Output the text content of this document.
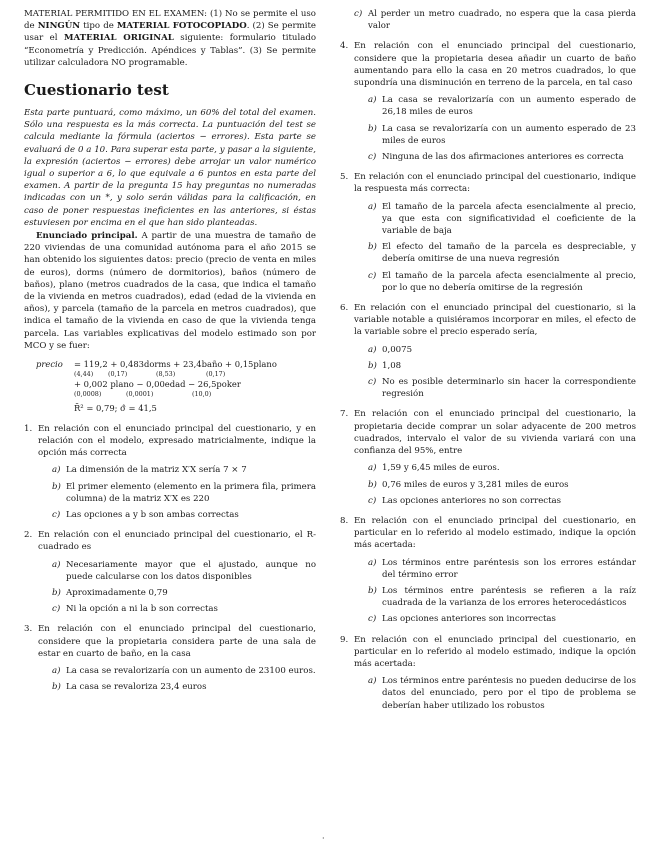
MATERIAL PERMITIDO EN EL EXAMEN: (1) No se permite el uso de NINGÚN tipo de MATERIAL FOTOCOPIADO. (2) Se permite usar el MATERIAL ORIGINAL siguiente: formulario titulado “Econometría y Predicción. Apéndices y Tablas”. (3) Se permite utilizar calculadora NO programable.

Cuestionario test

Esta parte puntuará, como máximo, un 60% del total del examen. Sólo una respuesta es la más correcta. La puntuación del test se calcula mediante la fórmula (aciertos − errores). Esta parte se evaluará de 0 a 10. Para superar esta parte, y pasar a la siguiente, la expresión (aciertos − errores) debe arrojar un valor numérico igual o superior a 6, lo que equivale a 6 puntos en esta parte del examen. A partir de la pregunta 15 hay preguntas no numeradas indicadas con un *, y solo serán válidas para la calificación, en caso de poner respuestas ineficientes en las anteriores, si éstas estuviesen por encima en el que han sido planteadas.

Enunciado principal. A partir de una muestra de tamaño de 220 viviendas de una comunidad autónoma para el año 2015 se han obtenido los siguientes datos: precio (precio de venta en miles de euros), dorms (número de dormitorios), baños (número de baños), plano (metros cuadrados de la casa, que indica el tamaño de la vivienda en metros cuadrados), edad (edad de la vivienda en años), y parcela (tamaño de la parcela en metros cuadrados), que indica el tamaño de la vivienda en caso de que la vivienda tenga parcela. Las variables explicativas del modelo estimado son por MCO y se fuer:

precio	= 119,2 + 0,483dorms + 23,4baño + 0,15plano
(4,44)	(0,17)	(8,53)	(0,17)
+ 0,002 plano − 0,00edad − 26,5poker
(0,0008)	(0,0001)	(10,0)
R̄² = 0,79; σ̂ = 41,5
1. En relación con el enunciado principal del cuestionario, y en relación con el modelo, expresado matricialmente, indique la opción más correcta

a) La dimensión de la matriz X′X sería 7 × 7
b) El primer elemento (elemento en la primera fila, primera columna) de la matriz X′X es 220
c) Las opciones a y b son ambas correctas
2. En relación con el enunciado principal del cuestionario, el R-cuadrado es

a) Necesariamente mayor que el ajustado, aunque no puede calcularse con los datos disponibles
b) Aproximadamente 0,79
c) Ni la opción a ni la b son correctas
3. En relación con el enunciado principal del cuestionario, considere que la propietaria considera parte de una sala de estar en cuarto de baño, en la casa

a) La casa se revalorizaría con un aumento de 23100 euros.
b) La casa se revaloriza 23,4 euros
c) Al perder un metro cuadrado, no espera que la casa pierda valor
4. En relación con el enunciado principal del cuestionario, considere que la propietaria desea añadir un cuarto de baño aumentando para ello la casa en 20 metros cuadrados, lo que supondría una disminución en terreno de la parcela, en tal caso

a) La casa se revalorizaría con un aumento esperado de 26,18 miles de euros
b) La casa se revalorizaría con un aumento esperado de 23 miles de euros
c) Ninguna de las dos afirmaciones anteriores es correcta
5. En relación con el enunciado principal del cuestionario, indique la respuesta más correcta:

a) El tamaño de la parcela afecta esencialmente al precio, ya que esta con significatividad el coeficiente de la variable de baja
b) El efecto del tamaño de la parcela es despreciable, y debería omitirse de una nueva regresión
c) El tamaño de la parcela afecta esencialmente al precio, por lo que no debería omitirse de la regresión
6. En relación con el enunciado principal del cuestionario, si la variable notable a quisiéramos incorporar en miles, el efecto de la variable sobre el precio esperado sería,

a) 0,0075
b) 1,08
c) No es posible determinarlo sin hacer la correspondiente regresión
7. En relación con el enunciado principal del cuestionario, la propietaria decide comprar un solar adyacente de 200 metros cuadrados, intervalo el valor de su vivienda variará con una confianza del 95%, entre

a) 1,59 y 6,45 miles de euros.
b) 0,76 miles de euros y 3,281 miles de euros
c) Las opciones anteriores no son correctas
8. En relación con el enunciado principal del cuestionario, en particular en lo referido al modelo estimado, indique la opción más acertada:

a) Los términos entre paréntesis son los errores estándar del término error
b) Los términos entre paréntesis se refieren a la raíz cuadrada de la varianza de los errores heterocedásticos
c) Las opciones anteriores son incorrectas
9. En relación con el enunciado principal del cuestionario, en particular en lo referido al modelo estimado, indique la opción más acertada:

a) Los términos entre paréntesis no pueden deducirse de los datos del enunciado, pero por el tipo de problema se deberían haber utilizado los robustos
·
